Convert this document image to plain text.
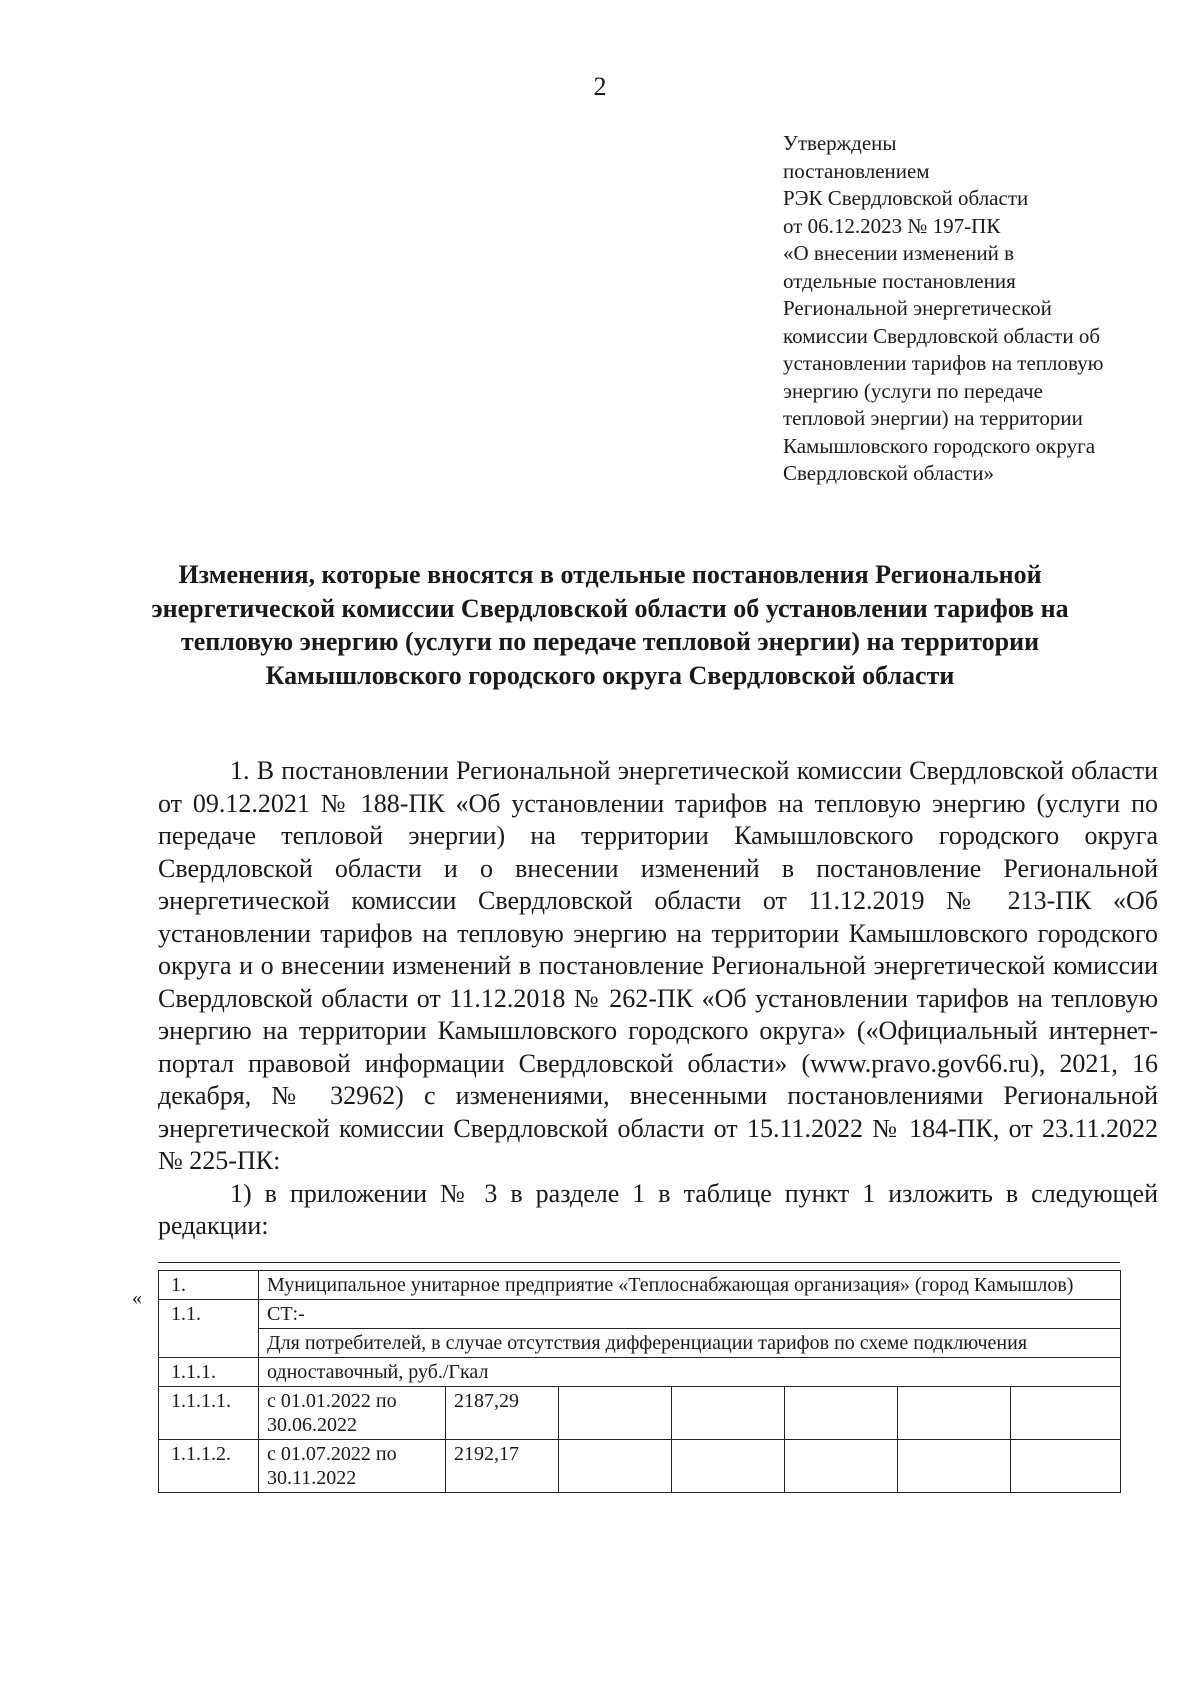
2
Утверждены
постановлением
РЭК Свердловской области
от 06.12.2023 № 197-ПК
«О внесении изменений в
отдельные постановления
Региональной энергетической
комиссии Свердловской области об
установлении тарифов на тепловую
энергию (услуги по передаче
тепловой энергии) на территории
Камышловского городского округа
Свердловской области»
Изменения, которые вносятся в отдельные постановления Региональной энергетической комиссии Свердловской области об установлении тарифов на тепловую энергию (услуги по передаче тепловой энергии) на территории Камышловского городского округа Свердловской области

1. В постановлении Региональной энергетической комиссии Свердловской области от 09.12.2021 № 188-ПК «Об установлении тарифов на тепловую энергию (услуги по передаче тепловой энергии) на территории Камышловского городского округа Свердловской области и о внесении изменений в постановление Региональной энергетической комиссии Свердловской области от 11.12.2019 № 213-ПК «Об установлении тарифов на тепловую энергию на территории Камышловского городского округа и о внесении изменений в постановление Региональной энергетической комиссии Свердловской области от 11.12.2018 № 262-ПК «Об установлении тарифов на тепловую энергию на территории Камышловского городского округа» («Официальный интернет-портал правовой информации Свердловской области» (www.pravo.gov66.ru), 2021, 16 декабря, № 32962) с изменениями, внесенными постановлениями Региональной энергетической комиссии Свердловской области от 15.11.2022 № 184-ПК, от 23.11.2022 № 225-ПК:

1) в приложении № 3 в разделе 1 в таблице пункт 1 изложить в следующей редакции:

«
1.	Муниципальное унитарное предприятие «Теплоснабжающая организация» (город Камышлов)						
1.1.	СТ:-						
	Для потребителей, в случае отсутствия дифференциации тарифов по схеме подключения						
1.1.1.	одноставочный, руб./Гкал						
1.1.1.1.	с 01.01.2022 по 30.06.2022	2187,29					
1.1.1.2.	с 01.07.2022 по 30.11.2022	2192,17					
